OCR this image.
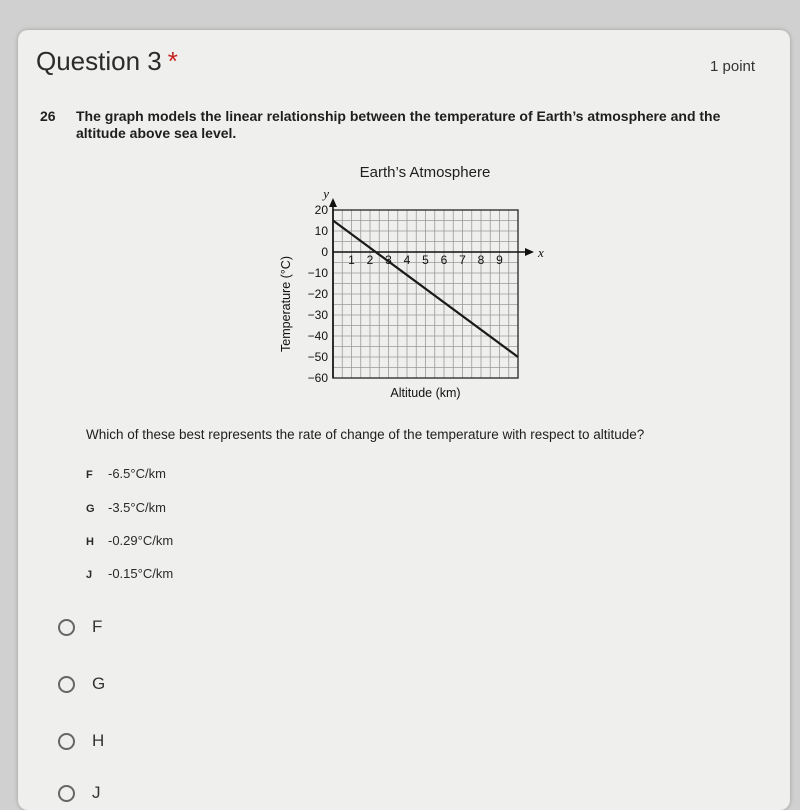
Question 3 *	1 point
26 The graph models the linear relationship between the temperature of Earth’s atmosphere and the altitude above sea level.
Earth’s Atmosphere
x
y
1 2 3 4 5 6 7 8 9
20
10
0
−10
−20
−30
−40
−50
−60
Altitude (km)
Temperature (°C)
Which of these best represents the rate of change of the temperature with respect to altitude?
F -6.5°C/km
G -3.5°C/km
H -0.29°C/km
J -0.15°C/km
F
G
H
J
